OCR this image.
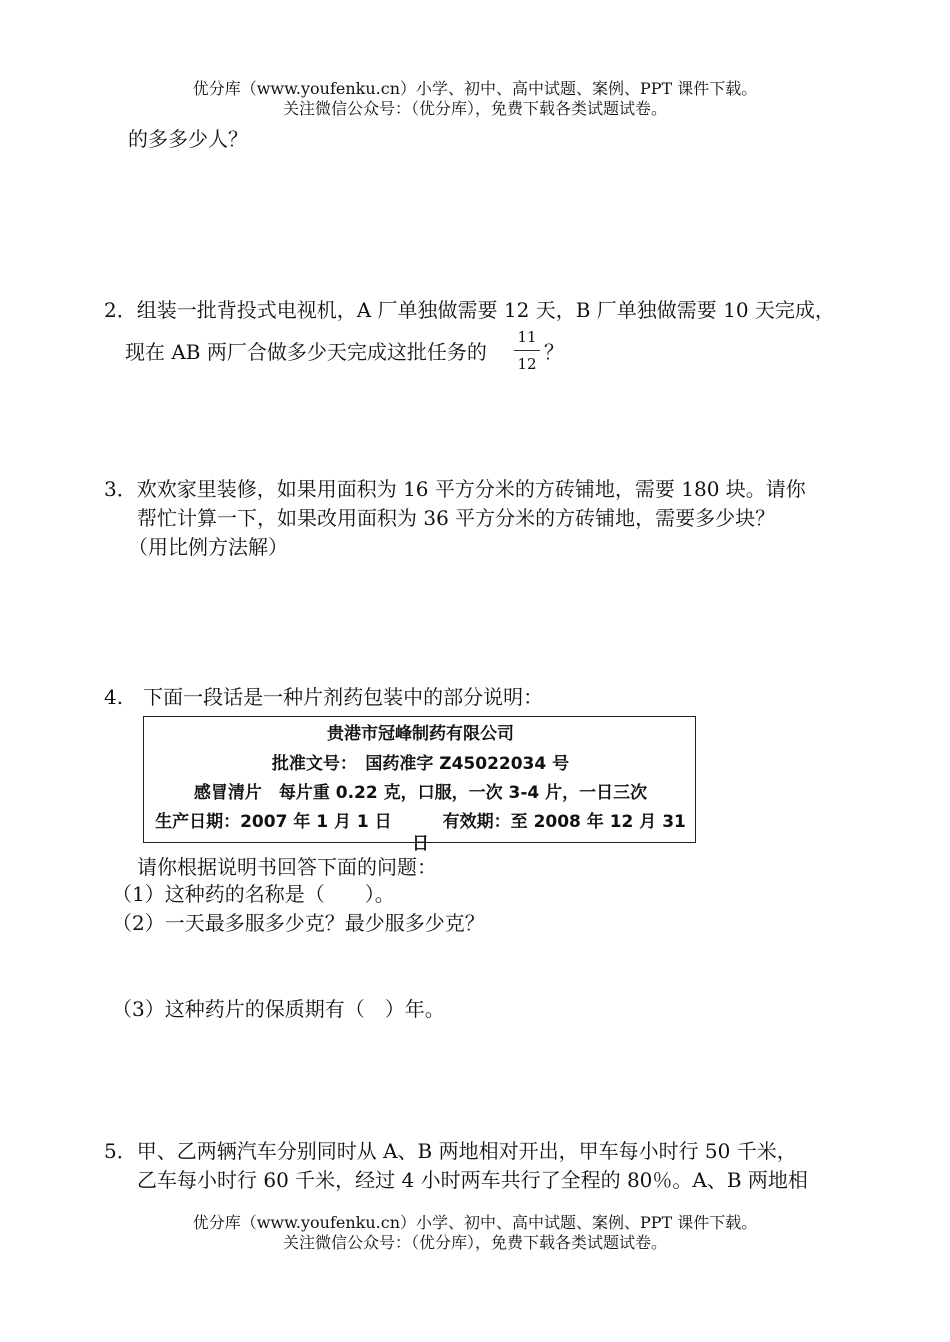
优分库（www.youfenku.cn）小学、初中、高中试题、案例、PPT 课件下载。
关注微信公众号：（优分库），免费下载各类试题试卷。
的多多少人？
2．组装一批背投式电视机，A 厂单独做需要 12 天，B 厂单独做需要 10 天完成，
现在 AB 两厂合做多少天完成这批任务的
11
12 ？
3．欢欢家里装修，如果用面积为 16 平方分米的方砖铺地，需要 180 块。请你
帮忙计算一下，如果改用面积为 36 平方分米的方砖铺地，需要多少块？
（用比例方法解）
4.　下面一段话是一种片剂药包装中的部分说明：
贵港市冠峰制药有限公司
批准文号：　国药准字 Z45022034 号
感冒清片　每片重 0.22 克，口服，一次 3-4 片，一日三次
生产日期：2007 年 1 月 1 日　　　有效期：至 2008 年 12 月 31 日
请你根据说明书回答下面的问题：
（1）这种药的名称是（　　）。
（2）一天最多服多少克？最少服多少克？
（3）这种药片的保质期有（　）年。
5．甲、乙两辆汽车分别同时从 A、B 两地相对开出，甲车每小时行 50 千米，
乙车每小时行 60 千米，经过 4 小时两车共行了全程的 80％。A、B 两地相
优分库（www.youfenku.cn）小学、初中、高中试题、案例、PPT 课件下载。
关注微信公众号：（优分库），免费下载各类试题试卷。
